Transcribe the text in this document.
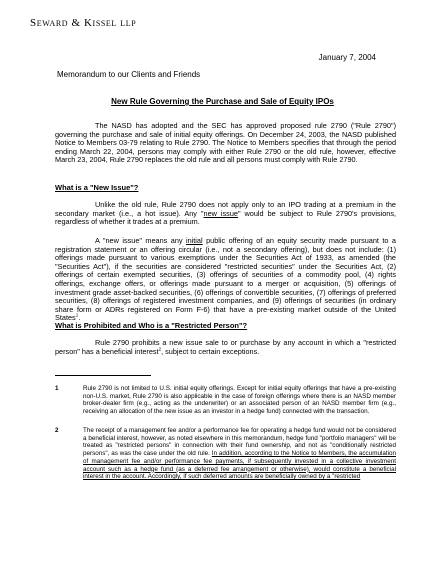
Seward & Kissel llp
January 7, 2004
Memorandum to our Clients and Friends
New Rule Governing the Purchase and Sale of Equity IPOs
The NASD has adopted and the SEC has approved proposed rule 2790 ("Rule 2790") governing the purchase and sale of initial equity offerings. On December 24, 2003, the NASD published Notice to Members 03-79 relating to Rule 2790. The Notice to Members specifies that through the period ending March 22, 2004, persons may comply with either Rule 2790 or the old rule, however, effective March 23, 2004, Rule 2790 replaces the old rule and all persons must comply with Rule 2790.
What is a "New Issue"?
Unlike the old rule, Rule 2790 does not apply only to an IPO trading at a premium in the secondary market (i.e., a hot issue). Any "new issue" would be subject to Rule 2790's provisions, regardless of whether it trades at a premium.
A "new issue" means any initial public offering of an equity security made pursuant to a registration statement or an offering circular (i.e., not a secondary offering), but does not include: (1) offerings made pursuant to various exemptions under the Securities Act of 1933, as amended (the "Securities Act"), if the securities are considered "restricted securities" under the Securities Act, (2) offerings of certain exempted securities, (3) offerings of securities of a commodity pool, (4) rights offerings, exchange offers, or offerings made pursuant to a merger or acquisition, (5) offerings of investment grade asset-backed securities, (6) offerings of convertible securities, (7) offerings of preferred securities, (8) offerings of registered investment companies, and (9) offerings of securities (in ordinary share form or ADRs registered on Form F-6) that have a pre-existing market outside of the United States$^1$.
What is Prohibited and Who is a "Restricted Person"?
Rule 2790 prohibits a new issue sale to or purchase by any account in which a "restricted person" has a beneficial interest$^2$, subject to certain exceptions.
1	Rule 2790 is not limited to U.S. initial equity offerings. Except for initial equity offerings that have a pre-existing non-U.S. market, Rule 2790 is also applicable in the case of foreign offerings where there is an NASD member broker-dealer firm (e.g., acting as the underwriter) or an associated person of an NASD member firm (e.g., receiving an allocation of the new issue as an investor in a hedge fund) connected with the transaction.
2	The receipt of a management fee and/or a performance fee for operating a hedge fund would not be considered a beneficial interest, however, as noted elsewhere in this memorandum, hedge fund "portfolio managers" will be treated as "restricted persons" in connection with their fund ownership, and not as "conditionally restricted persons", as was the case under the old rule. In addition, according to the Notice to Members, the accumulation of management fee and/or performance fee payments, if subsequently invested in a collective investment account such as a hedge fund (as a deferred fee arrangement or otherwise), would constitute a beneficial interest in the account. Accordingly, if such deferred amounts are beneficially owned by a "restricted
